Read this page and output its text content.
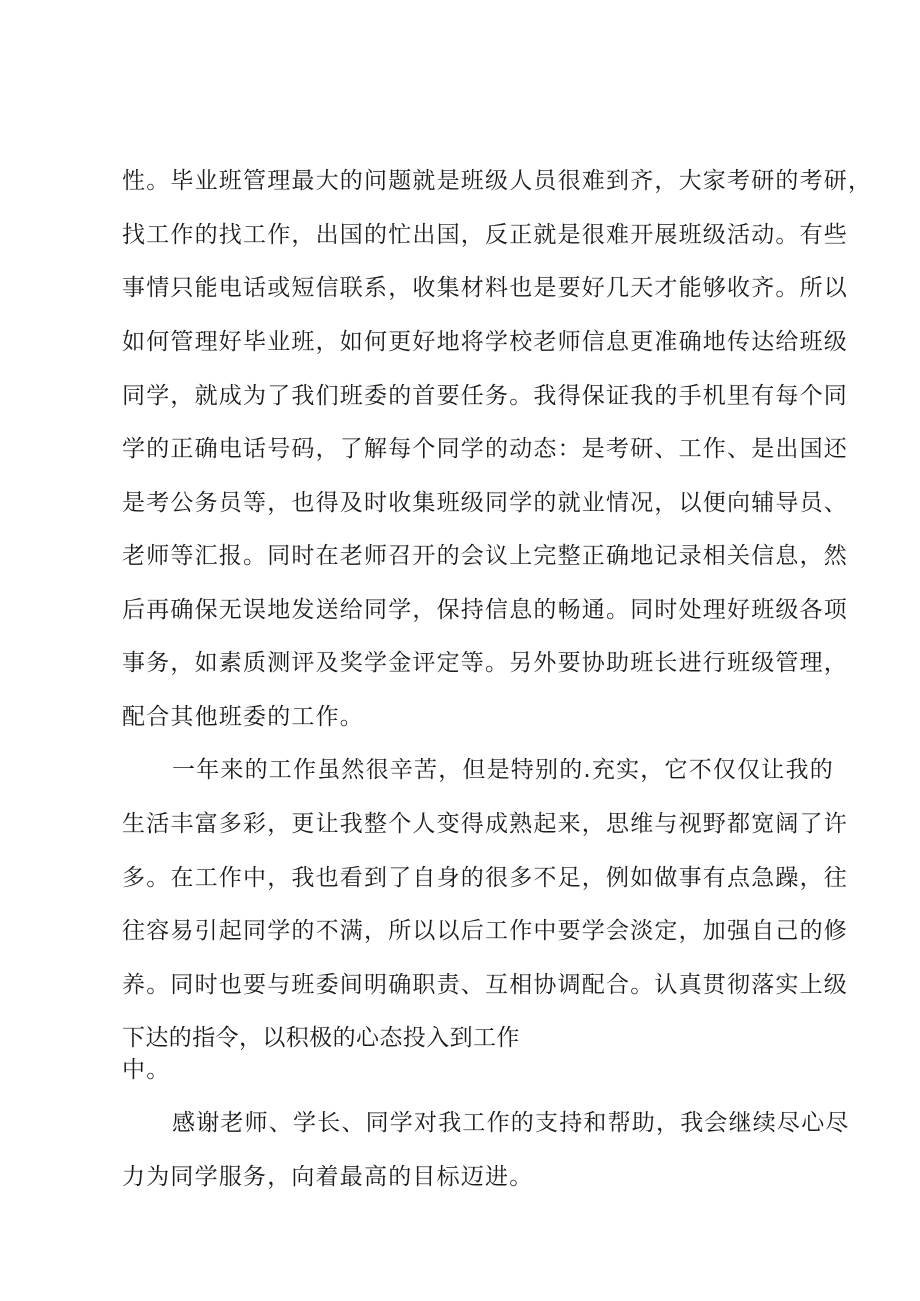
性。毕业班管理最大的问题就是班级人员很难到齐，大家考研的考研，
找工作的找工作，出国的忙出国，反正就是很难开展班级活动。有些
事情只能电话或短信联系，收集材料也是要好几天才能够收齐。所以
如何管理好毕业班，如何更好地将学校老师信息更准确地传达给班级
同学，就成为了我们班委的首要任务。我得保证我的手机里有每个同
学的正确电话号码，了解每个同学的动态：是考研、工作、是出国还
是考公务员等，也得及时收集班级同学的就业情况，以便向辅导员、
老师等汇报。同时在老师召开的会议上完整正确地记录相关信息，然
后再确保无误地发送给同学，保持信息的畅通。同时处理好班级各项
事务，如素质测评及奖学金评定等。另外要协助班长进行班级管理，
配合其他班委的工作。
一年来的工作虽然很辛苦，但是特别的.充实，它不仅仅让我的
生活丰富多彩，更让我整个人变得成熟起来，思维与视野都宽阔了许
多。在工作中，我也看到了自身的很多不足，例如做事有点急躁，往
往容易引起同学的不满，所以以后工作中要学会淡定，加强自己的修
养。同时也要与班委间明确职责、互相协调配合。认真贯彻落实上级
下达的指令，以积极的心态投入到工作
中。
感谢老师、学长、同学对我工作的支持和帮助，我会继续尽心尽
力为同学服务，向着最高的目标迈进。
